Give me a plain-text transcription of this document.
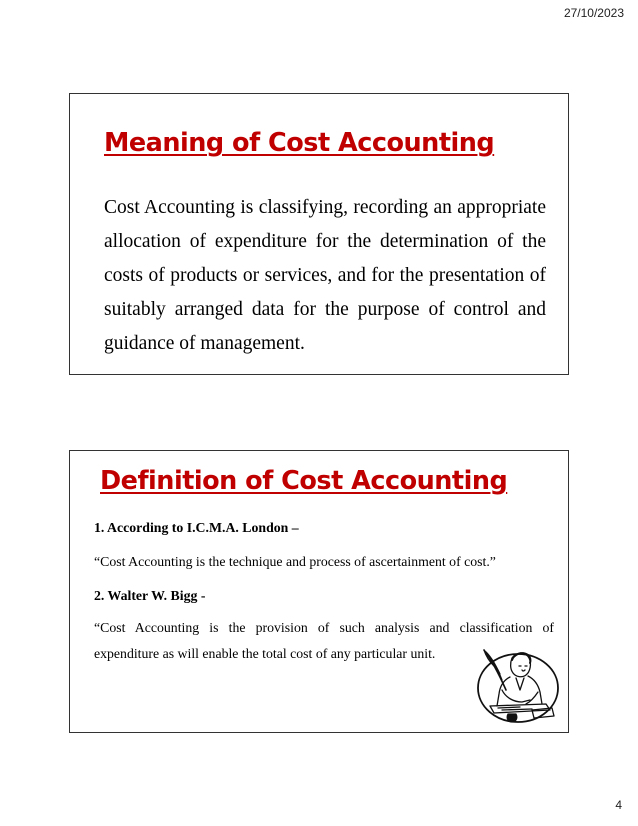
27/10/2023
Meaning of Cost Accounting
Cost Accounting is classifying, recording an appropriate allocation of expenditure for the determination of the costs of products or services, and for the presentation of suitably arranged data for the purpose of control and guidance of management.
Definition of Cost Accounting

1. According to I.C.M.A. London –

“Cost Accounting is the technique and process of ascertainment of cost.”

2. Walter W. Bigg -

“Cost Accounting is the provision of such analysis and classification of expenditure as will enable the total cost of any particular unit.

4
